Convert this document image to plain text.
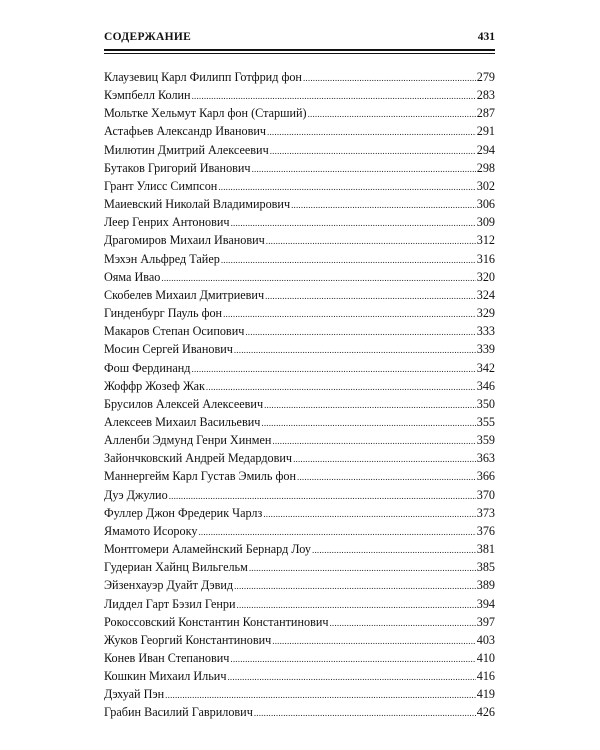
СОДЕРЖАНИЕ	431
Клаузевиц Карл Филипп Готфрид фон .....	279
Кэмпбелл Колин .....	283
Мольтке Хельмут Карл фон (Старший) .....	287
Астафьев Александр Иванович .....	291
Милютин Дмитрий Алексеевич .....	294
Бутаков Григорий Иванович .....	298
Грант Улисс Симпсон .....	302
Маиевский Николай Владимирович .....	306
Леер Генрих Антонович .....	309
Драгомиров Михаил Иванович .....	312
Мэхэн Альфред Тайер .....	316
Ояма Ивао .....	320
Скобелев Михаил Дмитриевич .....	324
Гинденбург Пауль фон .....	329
Макаров Степан Осипович .....	333
Мосин Сергей Иванович .....	339
Фош Фердинанд .....	342
Жоффр Жозеф Жак .....	346
Брусилов Алексей Алексеевич .....	350
Алексеев Михаил Васильевич .....	355
Алленби Эдмунд Генри Хинмен .....	359
Зайончковский Андрей Медардович .....	363
Маннергейм Карл Густав Эмиль фон .....	366
Дуэ Джулио .....	370
Фуллер Джон Фредерик Чарлз .....	373
Ямамото Исороку .....	376
Монтгомери Аламейнский Бернард Лоу .....	381
Гудериан Хайнц Вильгельм .....	385
Эйзенхауэр Дуайт Дэвид .....	389
Лиддел Гарт Бэзил Генри .....	394
Рокоссовский Константин Константинович .....	397
Жуков Георгий Константинович .....	403
Конев Иван Степанович .....	410
Кошкин Михаил Ильич .....	416
Дэхуай Пэн .....	419
Грабин Василий Гаврилович .....	426
